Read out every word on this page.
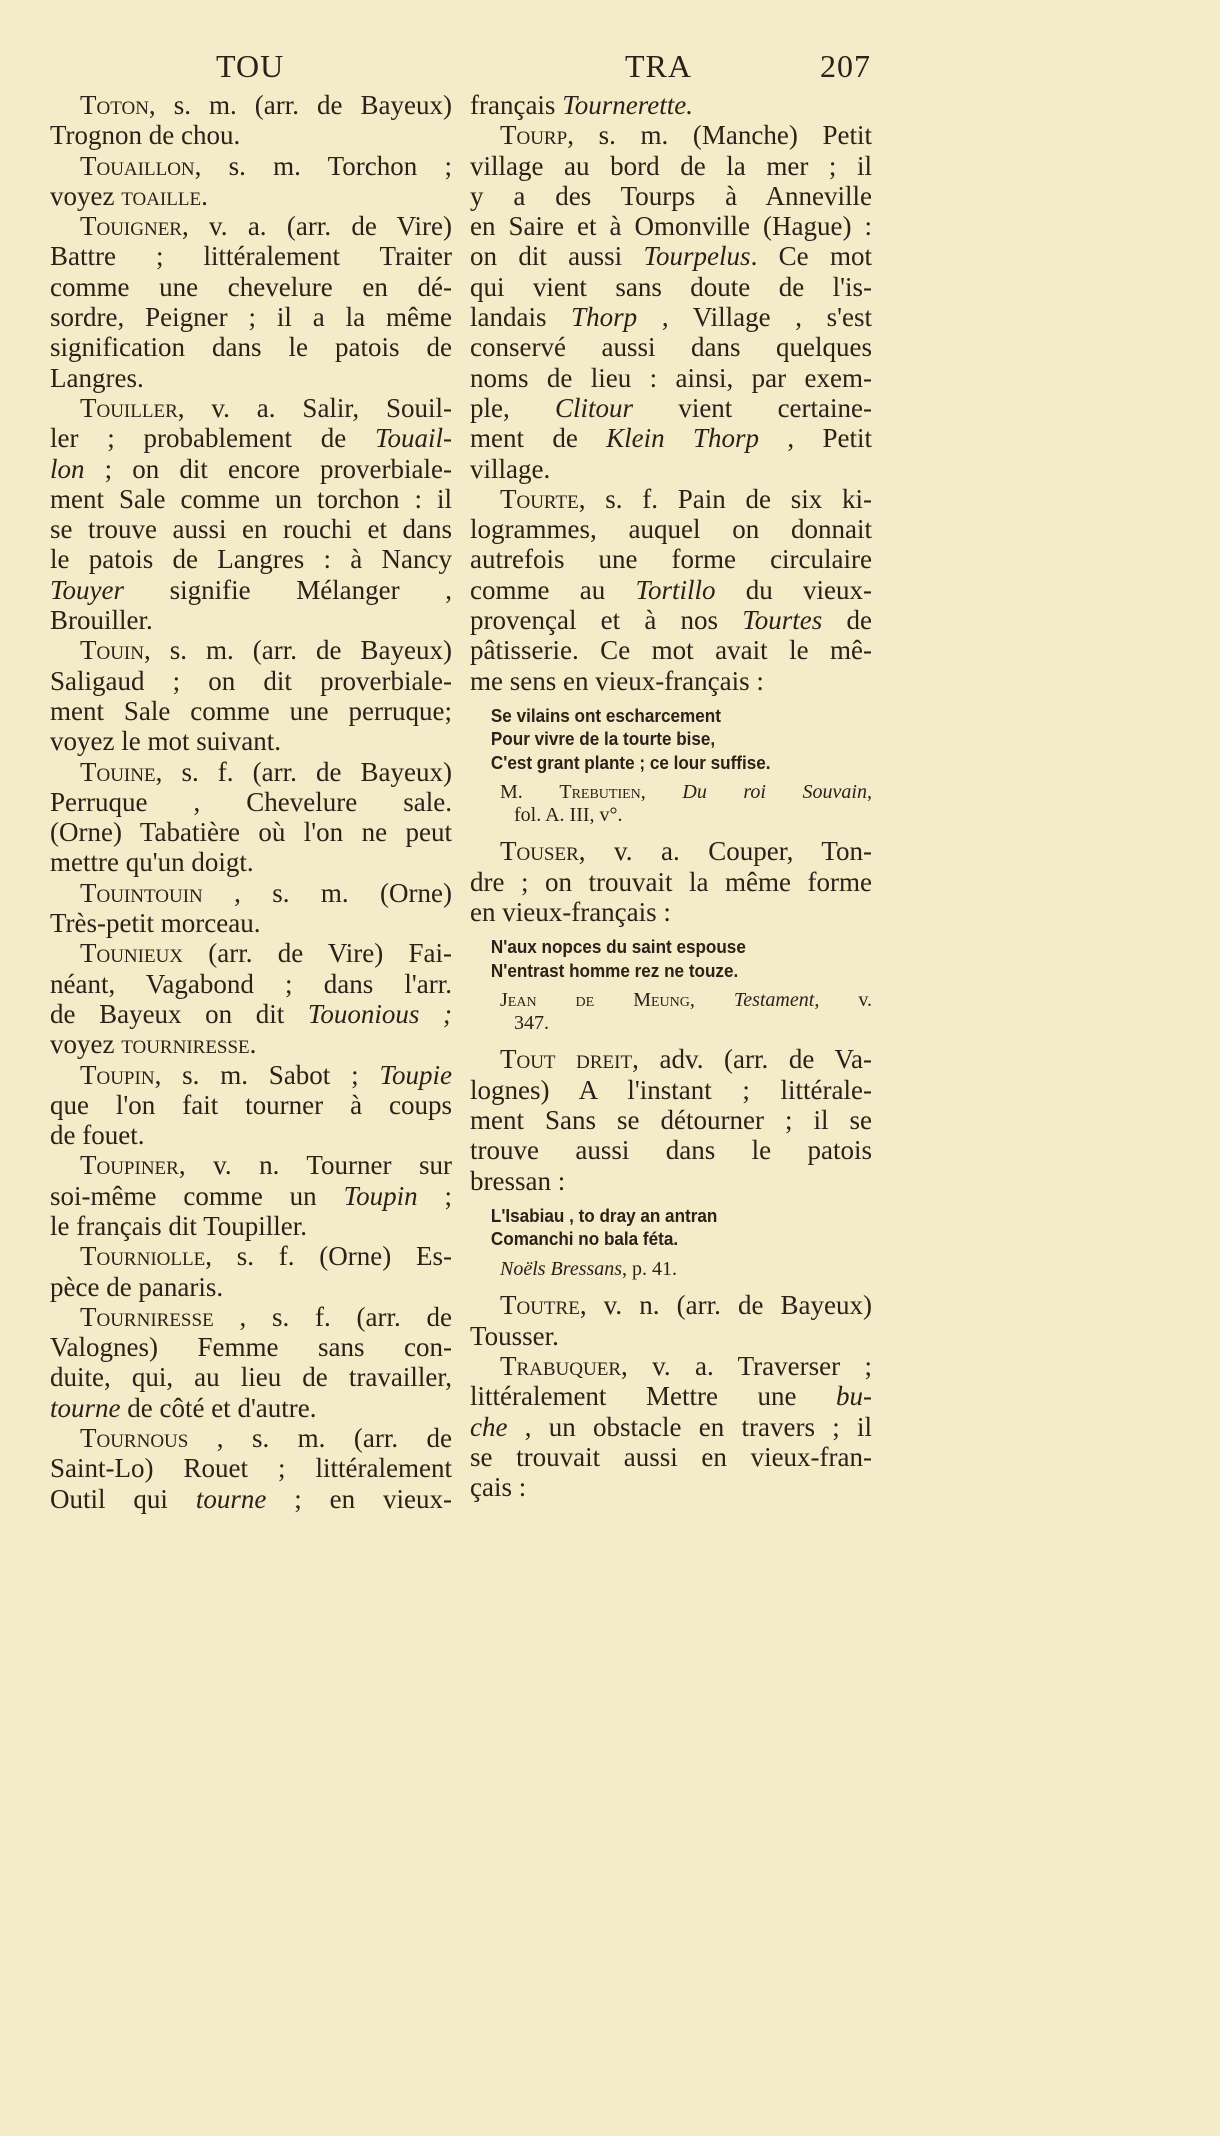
TOU	TRA	207
Toton, s. m. (arr. de Bayeux)
Trognon de chou.
Touaillon, s. m. Torchon ;
voyez toaille.
Touigner, v. a. (arr. de Vire)
Battre ; littéralement Traiter
comme une chevelure en dé-
sordre, Peigner ; il a la même
signification dans le patois de
Langres.
Touiller, v. a. Salir, Souil-
ler ; probablement de Touail-
lon ; on dit encore proverbiale-
ment Sale comme un torchon : il
se trouve aussi en rouchi et dans
le patois de Langres : à Nancy
Touyer signifie Mélanger ,
Brouiller.
Touin, s. m. (arr. de Bayeux)
Saligaud ; on dit proverbiale-
ment Sale comme une perruque;
voyez le mot suivant.
Touine, s. f. (arr. de Bayeux)
Perruque , Chevelure sale.
(Orne) Tabatière où l'on ne peut
mettre qu'un doigt.
Touintouin , s. m. (Orne)
Très-petit morceau.
Tounieux (arr. de Vire) Fai-
néant, Vagabond ; dans l'arr.
de Bayeux on dit Touonious ;
voyez tourniresse.
Toupin, s. m. Sabot ; Toupie
que l'on fait tourner à coups
de fouet.
Toupiner, v. n. Tourner sur
soi-même comme un Toupin ;
le français dit Toupiller.
Tourniolle, s. f. (Orne) Es-
pèce de panaris.
Tourniresse , s. f. (arr. de
Valognes) Femme sans con-
duite, qui, au lieu de travailler,
tourne de côté et d'autre.
Tournous , s. m. (arr. de
Saint-Lo) Rouet ; littéralement
Outil qui tourne ; en vieux-
français Tournerette.
Tourp, s. m. (Manche) Petit
village au bord de la mer ; il
y a des Tourps à Anneville
en Saire et à Omonville (Hague) :
on dit aussi Tourpelus. Ce mot
qui vient sans doute de l'is-
landais Thorp , Village , s'est
conservé aussi dans quelques
noms de lieu : ainsi, par exem-
ple, Clitour vient certaine-
ment de Klein Thorp , Petit
village.
Tourte, s. f. Pain de six ki-
logrammes, auquel on donnait
autrefois une forme circulaire
comme au Tortillo du vieux-
provençal et à nos Tourtes de
pâtisserie. Ce mot avait le mê-
me sens en vieux-français :
Se vilains ont escharcement
Pour vivre de la tourte bise,
C'est grant plante ; ce lour suffise.
M. Trebutien, Du roi Souvain,
fol. A. III, v°.
Touser, v. a. Couper, Ton-
dre ; on trouvait la même forme
en vieux-français :
N'aux nopces du saint espouse
N'entrast homme rez ne touze.
Jean de Meung, Testament, v.
347.
Tout dreit, adv. (arr. de Va-
lognes) A l'instant ; littérale-
ment Sans se détourner ; il se
trouve aussi dans le patois
bressan :
L'Isabiau , to dray an antran
Comanchi no bala féta.
Noëls Bressans, p. 41.
Toutre, v. n. (arr. de Bayeux)
Tousser.
Trabuquer, v. a. Traverser ;
littéralement Mettre une bu-
che , un obstacle en travers ; il
se trouvait aussi en vieux-fran-
çais :
